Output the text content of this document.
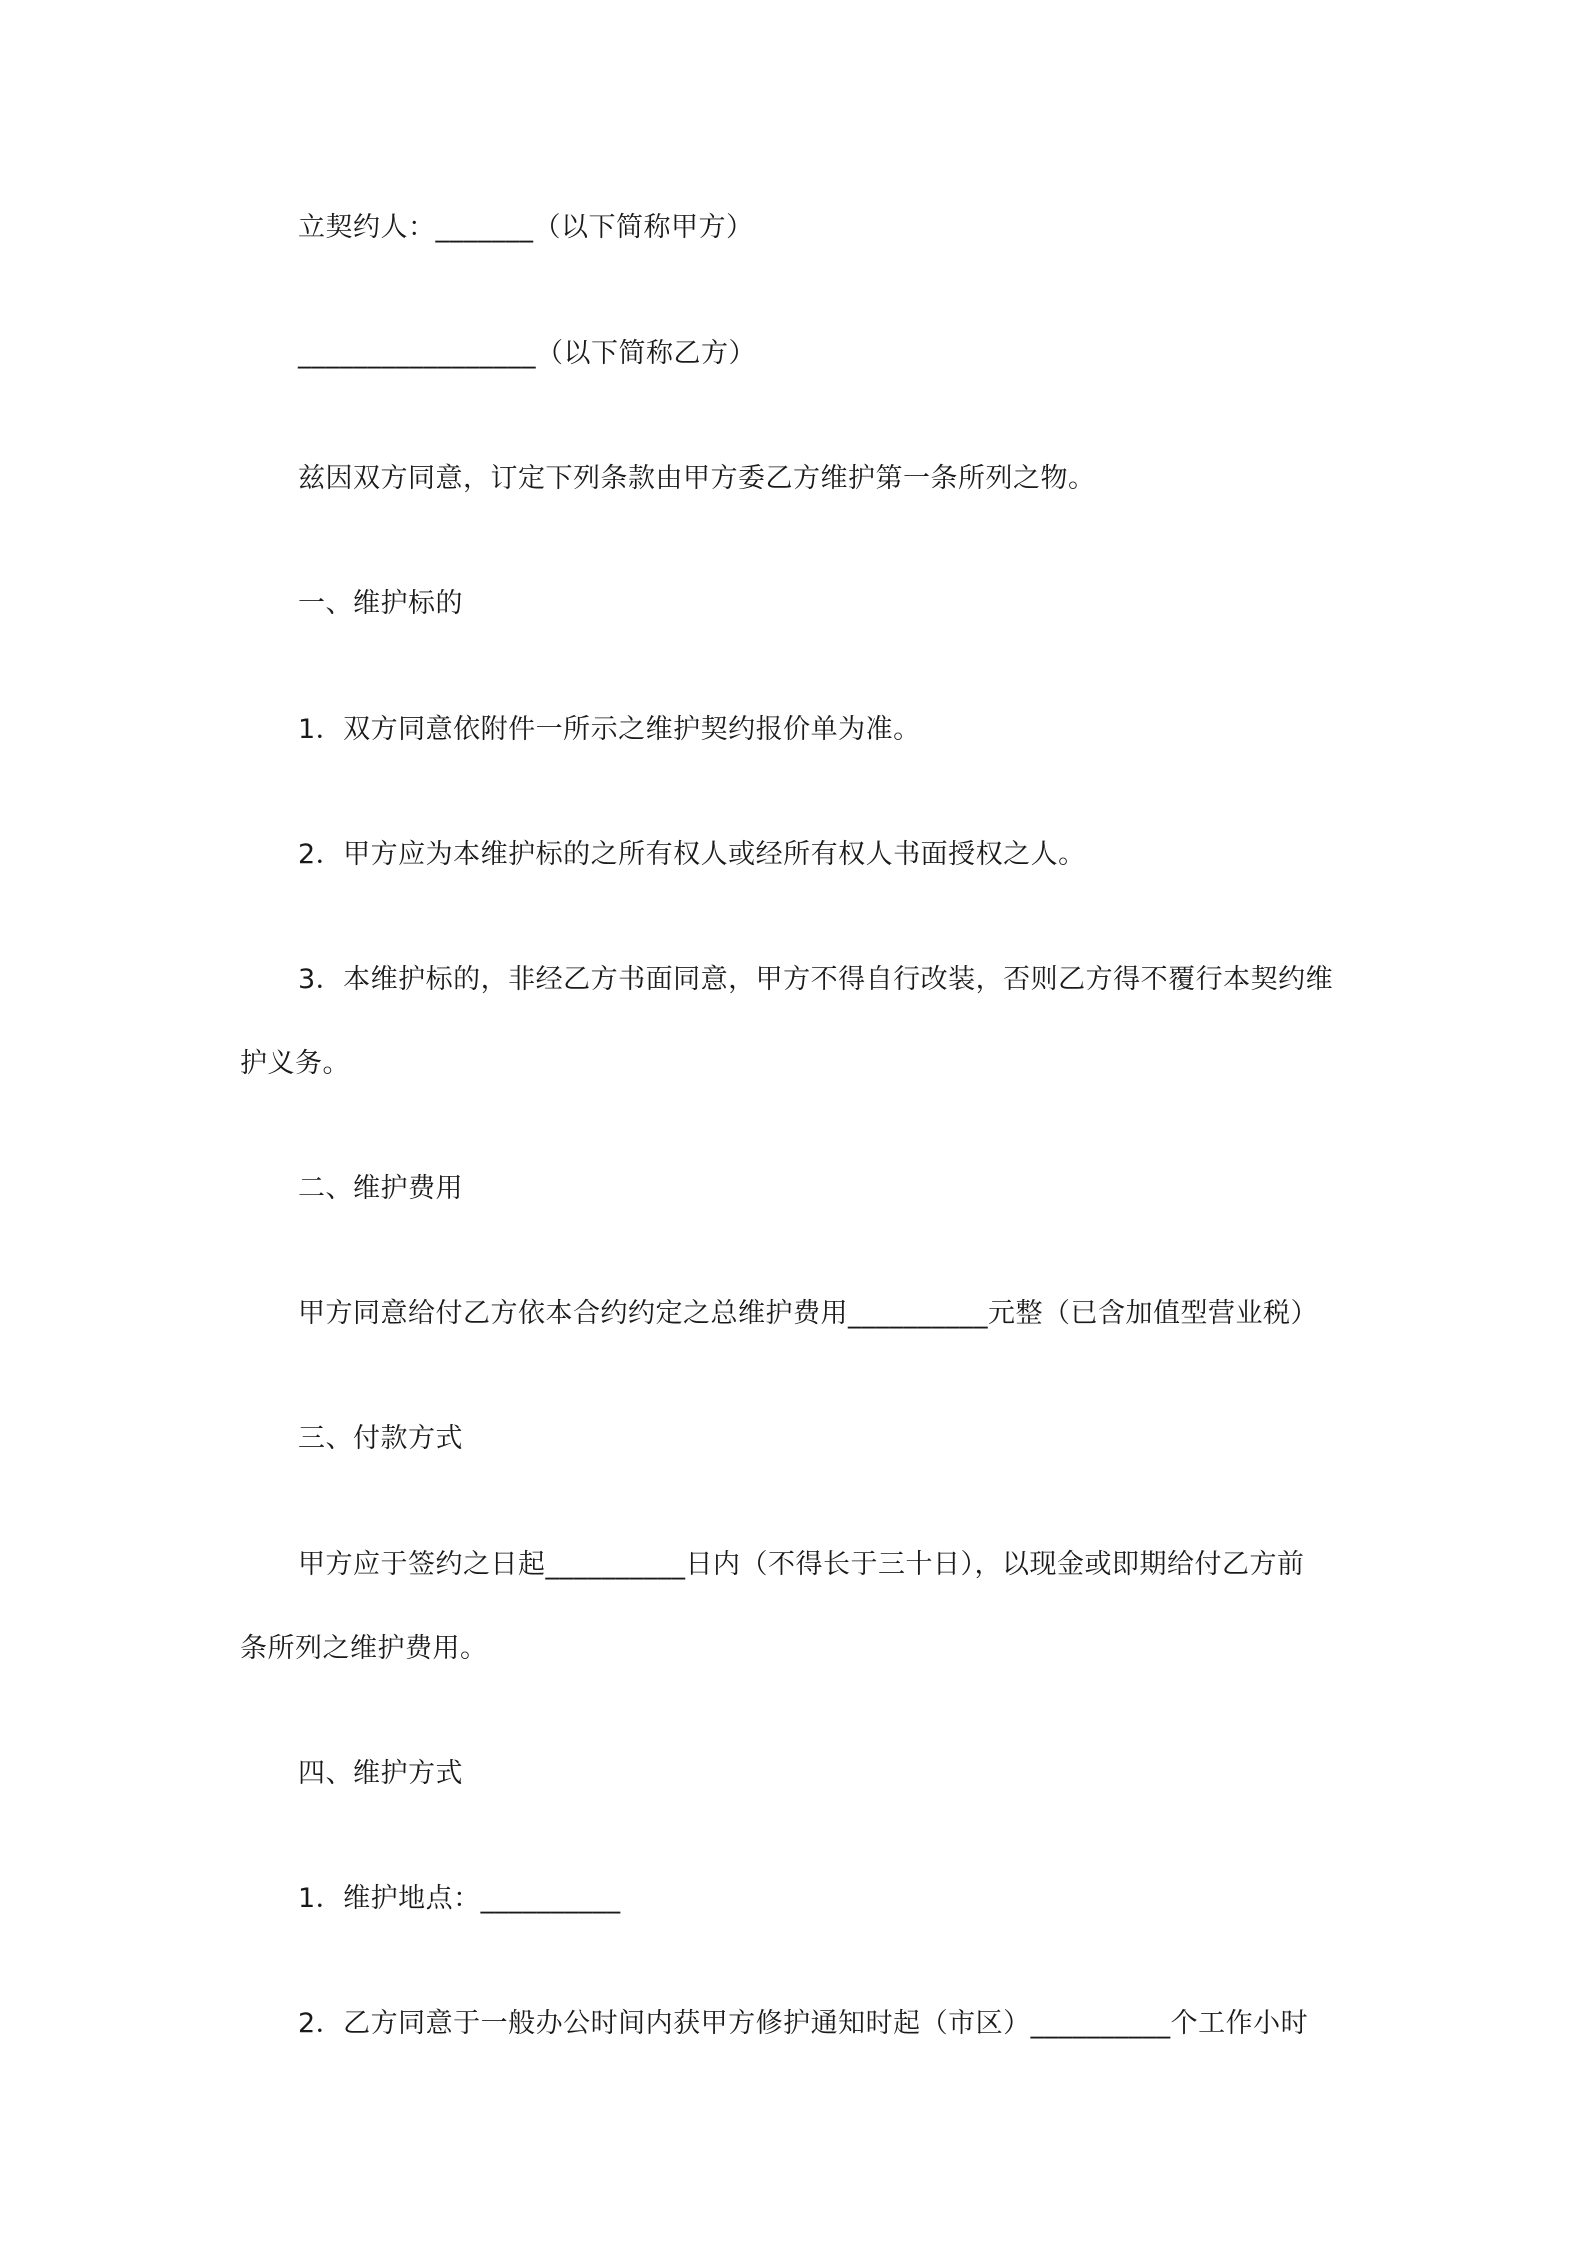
立契约人：_______（以下简称甲方）
_________________（以下简称乙方）
兹因双方同意，订定下列条款由甲方委乙方维护第一条所列之物。
一、维护标的
1．双方同意依附件一所示之维护契约报价单为准。
2．甲方应为本维护标的之所有权人或经所有权人书面授权之人。
3．本维护标的，非经乙方书面同意，甲方不得自行改装，否则乙方得不覆行本契约维
护义务。
二、维护费用
甲方同意给付乙方依本合约约定之总维护费用__________元整（已含加值型营业税）
三、付款方式
甲方应于签约之日起__________日内（不得长于三十日），以现金或即期给付乙方前
条所列之维护费用。
四、维护方式
1．维护地点：__________
2．乙方同意于一般办公时间内获甲方修护通知时起（市区）__________个工作小时
